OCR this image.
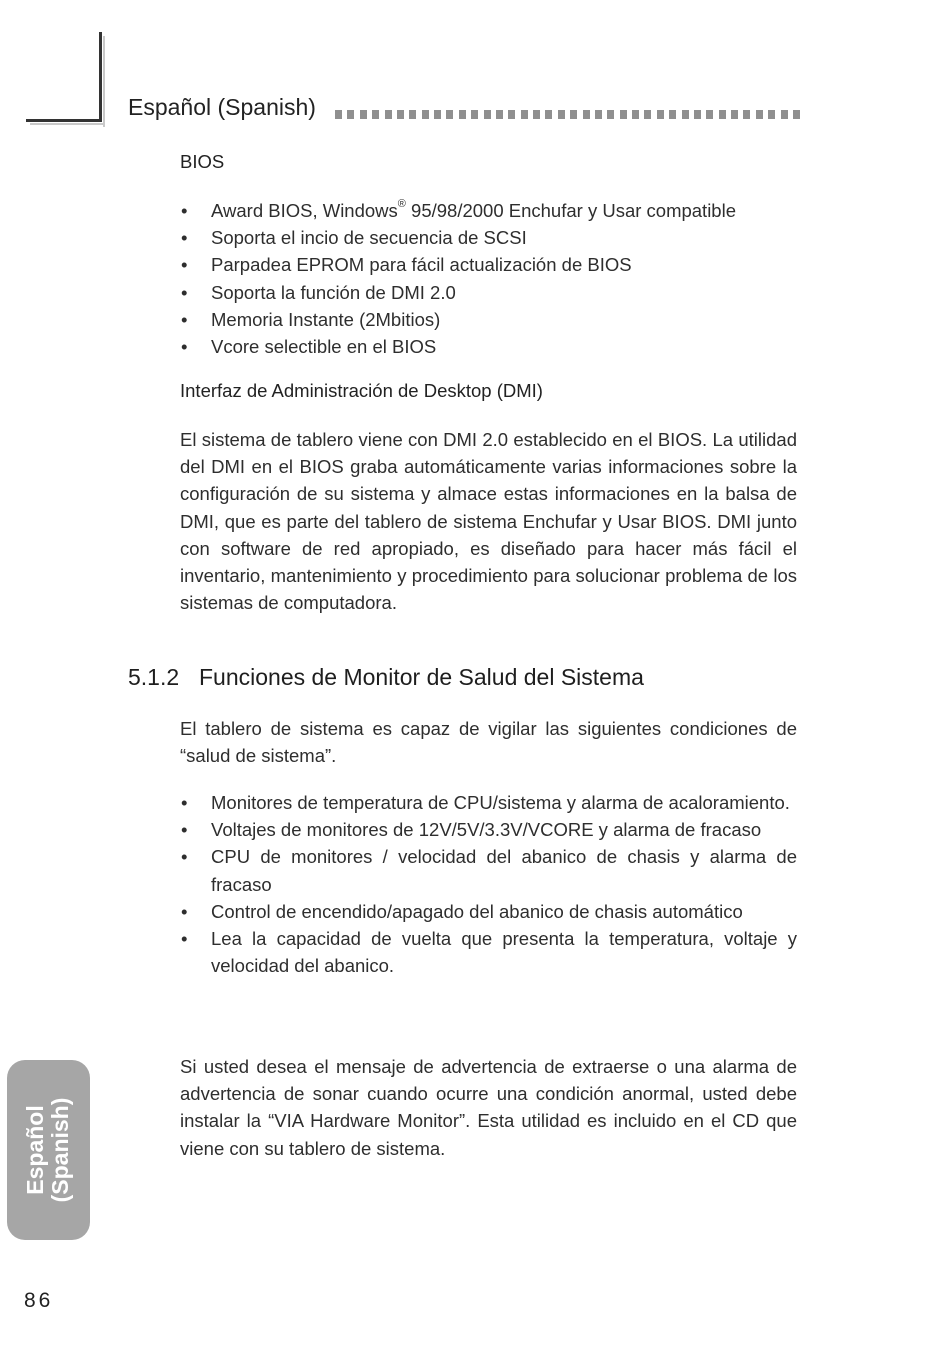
Español (Spanish)
BIOS
• Award BIOS, Windows® 95/98/2000 Enchufar y Usar compatible
• Soporta el incio de secuencia de SCSI
• Parpadea EPROM para fácil actualización de BIOS
• Soporta la función de DMI 2.0
• Memoria Instante (2Mbitios)
• Vcore selectible en el BIOS
Interfaz de Administración de Desktop (DMI)
El sistema de tablero viene con DMI 2.0 establecido en el BIOS. La utilidad del DMI en el BIOS graba automáticamente varias informaciones sobre la configuración de su sistema y almace estas informaciones en la balsa de DMI, que es parte del tablero de sistema Enchufar y Usar BIOS. DMI junto con software de red apropiado, es diseñado para hacer más fácil el inventario, mantenimiento y procedimiento para solucionar problema de los sistemas de computadora.
5.1.2 Funciones de Monitor de Salud del Sistema
El tablero de sistema es capaz de vigilar las siguientes condiciones de “salud de sistema”.
• Monitores de temperatura de CPU/sistema y alarma de acaloramiento.
• Voltajes de monitores de 12V/5V/3.3V/VCORE y alarma de fracaso
• CPU de monitores / velocidad del abanico de chasis y alarma de fracaso
• Control de encendido/apagado del abanico de chasis automático
• Lea la capacidad de vuelta que presenta la temperatura, voltaje y velocidad del abanico.
Si usted desea el mensaje de advertencia de extraerse o una alarma de advertencia de sonar cuando ocurre una condición anormal, usted debe instalar la “VIA Hardware Monitor”. Esta utilidad es incluido en el CD que viene con su tablero de sistema.
Español
(Spanish)
86
